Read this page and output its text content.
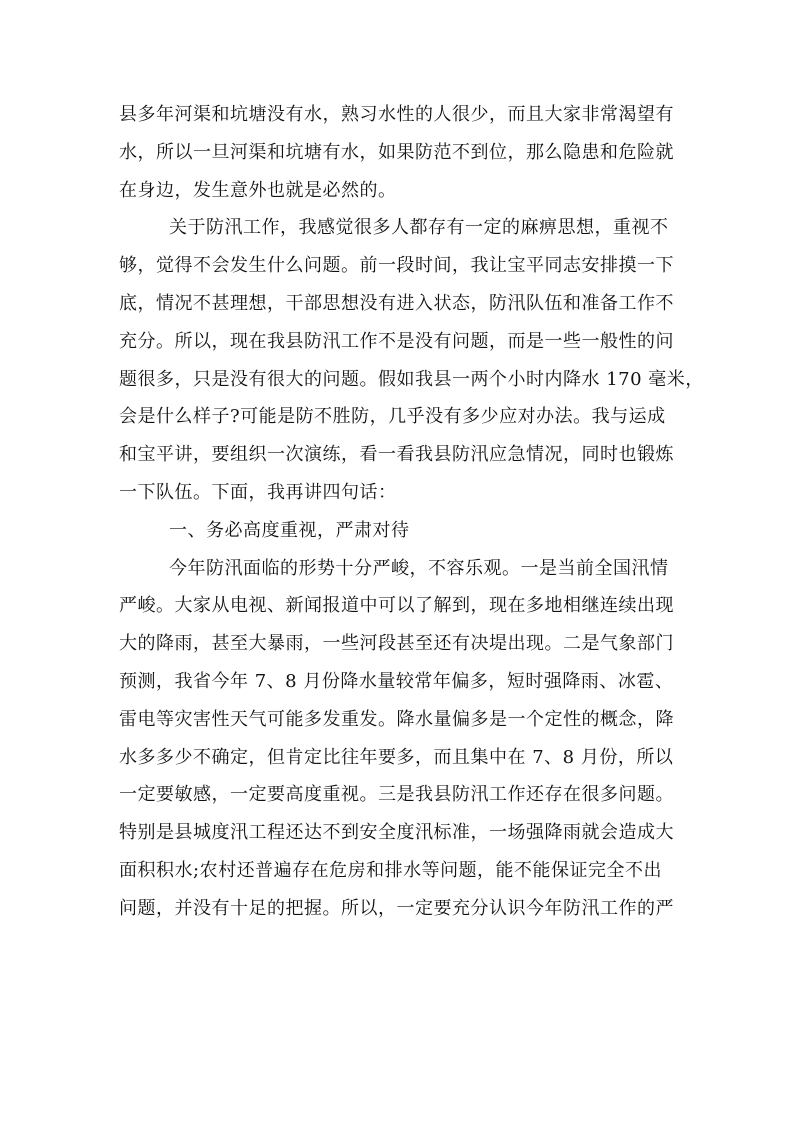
县多年河渠和坑塘没有水，熟习水性的人很少，而且大家非常渴望有
水，所以一旦河渠和坑塘有水，如果防范不到位，那么隐患和危险就
在身边，发生意外也就是必然的。
关于防汛工作，我感觉很多人都存有一定的麻痹思想，重视不
够，觉得不会发生什么问题。前一段时间，我让宝平同志安排摸一下
底，情况不甚理想，干部思想没有进入状态，防汛队伍和准备工作不
充分。所以，现在我县防汛工作不是没有问题，而是一些一般性的问
题很多，只是没有很大的问题。假如我县一两个小时内降水 170 毫米，
会是什么样子?可能是防不胜防，几乎没有多少应对办法。我与运成
和宝平讲，要组织一次演练，看一看我县防汛应急情况，同时也锻炼
一下队伍。下面，我再讲四句话：
一、务必高度重视，严肃对待
今年防汛面临的形势十分严峻，不容乐观。一是当前全国汛情
严峻。大家从电视、新闻报道中可以了解到，现在多地相继连续出现
大的降雨，甚至大暴雨，一些河段甚至还有决堤出现。二是气象部门
预测，我省今年 7、8 月份降水量较常年偏多，短时强降雨、冰雹、
雷电等灾害性天气可能多发重发。降水量偏多是一个定性的概念，降
水多多少不确定，但肯定比往年要多，而且集中在 7、8 月份，所以
一定要敏感，一定要高度重视。三是我县防汛工作还存在很多问题。
特别是县城度汛工程还达不到安全度汛标准，一场强降雨就会造成大
面积积水;农村还普遍存在危房和排水等问题，能不能保证完全不出
问题，并没有十足的把握。所以，一定要充分认识今年防汛工作的严
